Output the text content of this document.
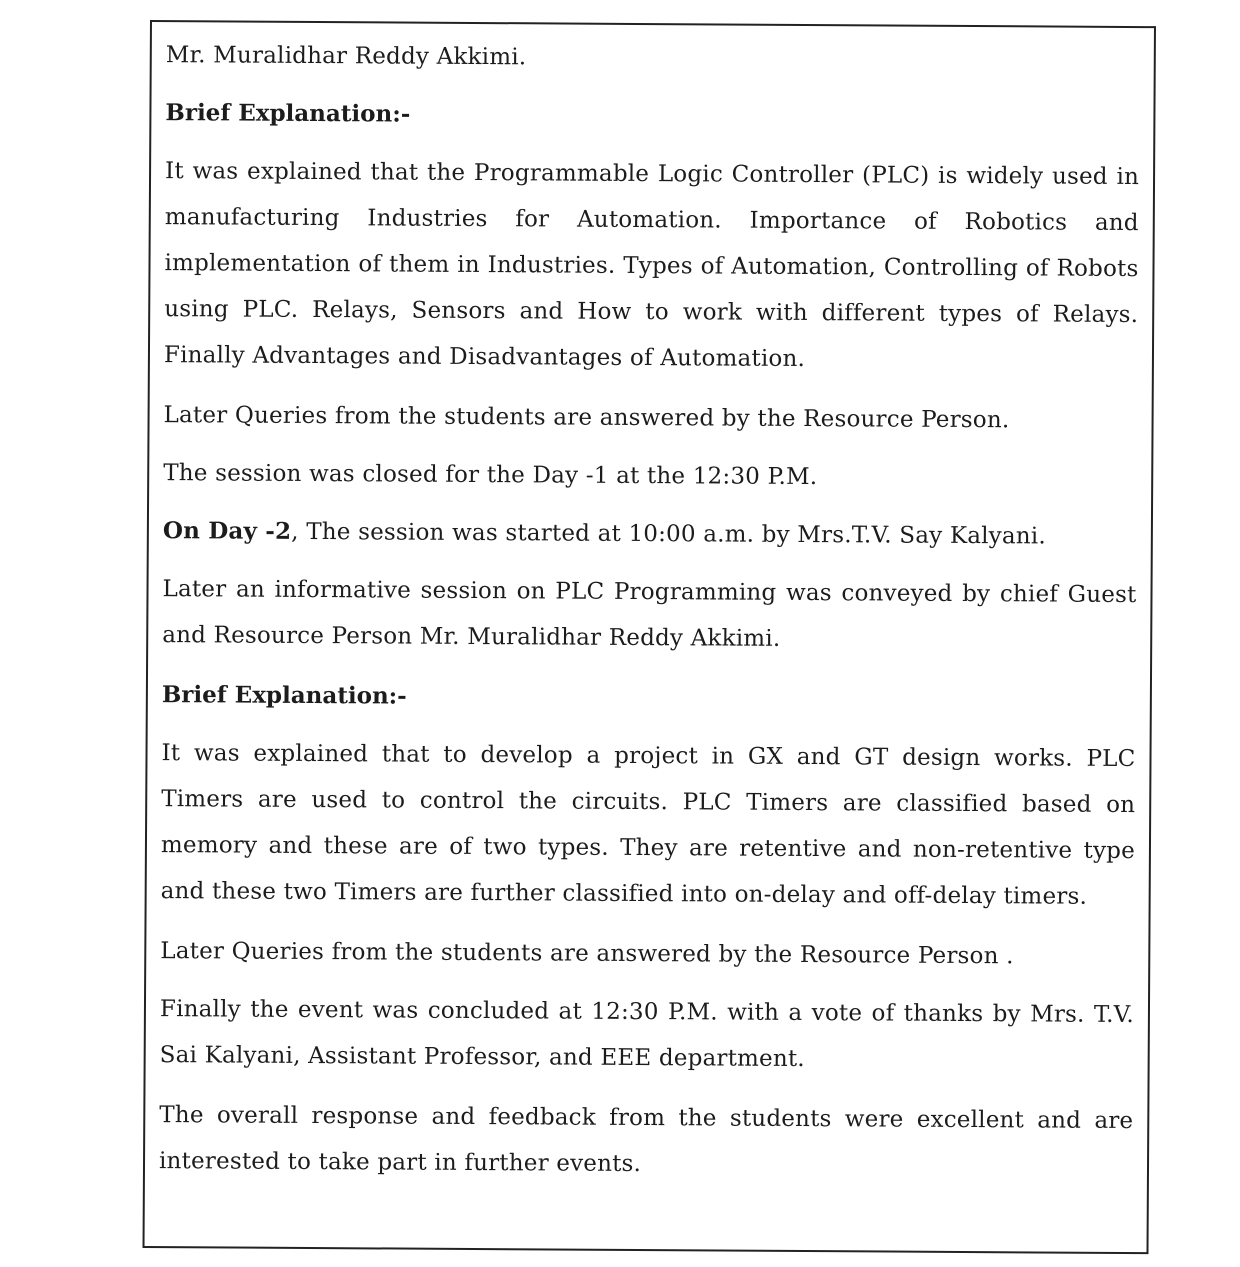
Mr. Muralidhar Reddy Akkimi.

Brief Explanation:-

It was explained that the Programmable Logic Controller (PLC) is widely used in manufacturing Industries for Automation. Importance of Robotics and implementation of them in Industries. Types of Automation, Controlling of Robots using PLC. Relays, Sensors and How to work with different types of Relays. Finally Advantages and Disadvantages of Automation.

Later Queries from the students are answered by the Resource Person.

The session was closed for the Day -1 at the 12:30 P.M.

On Day -2, The session was started at 10:00 a.m. by Mrs.T.V. Say Kalyani.

Later an informative session on PLC Programming was conveyed by chief Guest and Resource Person Mr. Muralidhar Reddy Akkimi.

Brief Explanation:-

It was explained that to develop a project in GX and GT design works. PLC Timers are used to control the circuits. PLC Timers are classified based on memory and these are of two types. They are retentive and non-retentive type and these two Timers are further classified into on-delay and off-delay timers.

Later Queries from the students are answered by the Resource Person .

Finally the event was concluded at 12:30 P.M. with a vote of thanks by Mrs. T.V. Sai Kalyani, Assistant Professor, and EEE department.

The overall response and feedback from the students were excellent and are interested to take part in further events.
